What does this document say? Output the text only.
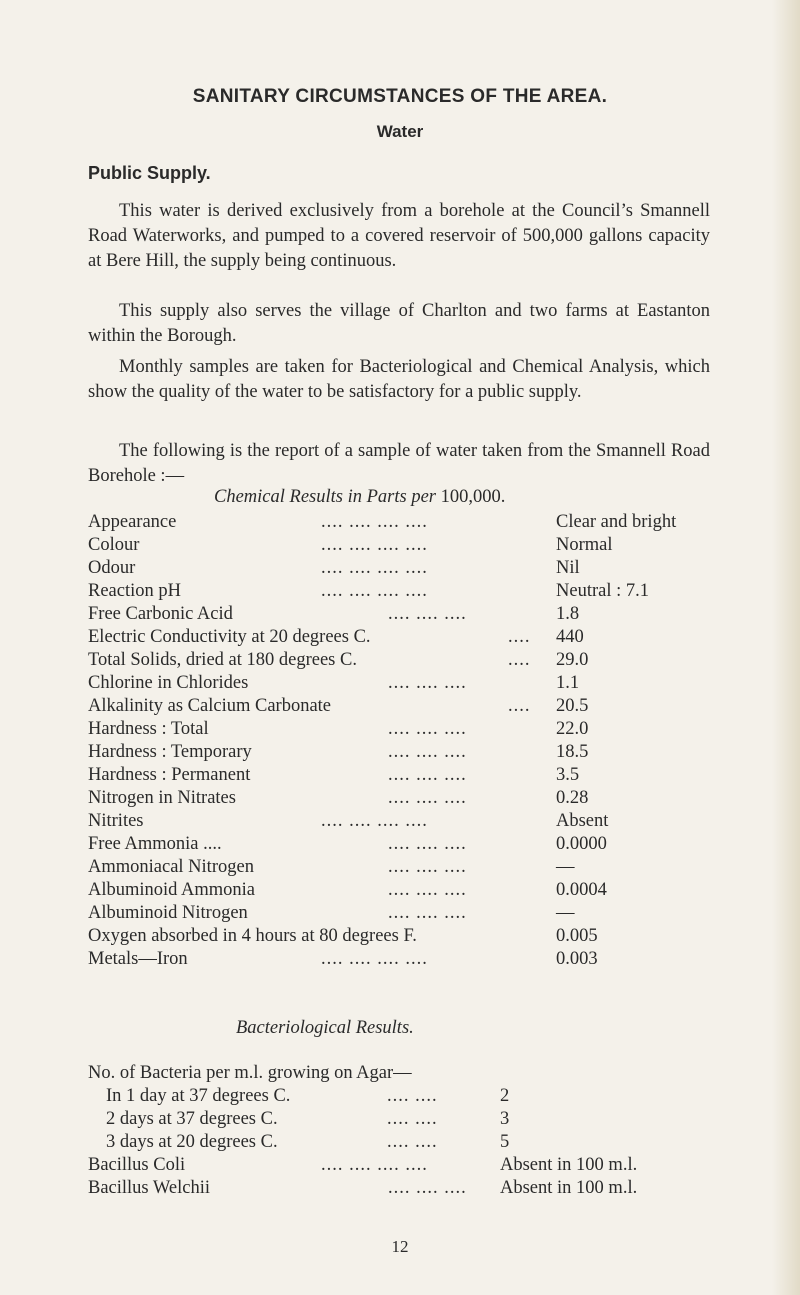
SANITARY CIRCUMSTANCES OF THE AREA.
Water
Public Supply.

This water is derived exclusively from a borehole at the Council’s Smannell Road Waterworks, and pumped to a covered reservoir of 500,000 gallons capacity at Bere Hill, the supply being continuous.

This supply also serves the village of Charlton and two farms at Eastanton within the Borough.

Monthly samples are taken for Bacteriological and Chemical Analysis, which show the quality of the water to be satisfactory for a public supply.

The following is the report of a sample of water taken from the Smannell Road Borehole :—

Chemical Results in Parts per 100,000.
Appearance	.... .... .... ....	Clear and bright
Colour	.... .... .... ....	Normal
Odour	.... .... .... ....	Nil
Reaction pH	.... .... .... ....	Neutral : 7.1
Free Carbonic Acid	.... .... ....	1.8
Electric Conductivity at 20 degrees C.	.... 440
Total Solids, dried at 180 degrees C.	.... 29.0
Chlorine in Chlorides	.... .... ....	1.1
Alkalinity as Calcium Carbonate	.... 20.5
Hardness : Total	.... .... ....	22.0
Hardness : Temporary	.... .... ....	18.5
Hardness : Permanent	.... .... ....	3.5
Nitrogen in Nitrates	.... .... ....	0.28
Nitrites	.... .... .... ....	Absent
Free Ammonia ....	.... .... ....	0.0000
Ammoniacal Nitrogen	.... .... ....	—
Albuminoid Ammonia	.... .... ....	0.0004
Albuminoid Nitrogen	.... .... ....	—
Oxygen absorbed in 4 hours at 80 degrees F.	0.005
Metals—Iron	.... .... .... ....	0.003
Bacteriological Results.
No. of Bacteria per m.l. growing on Agar—
In 1 day at 37 degrees C.	.... ....	2
2 days at 37 degrees C.	.... ....	3
3 days at 20 degrees C.	.... ....	5
Bacillus Coli	.... .... .... ....	Absent in 100 m.l.
Bacillus Welchii	.... .... .... Absent in 100 m.l.
12
